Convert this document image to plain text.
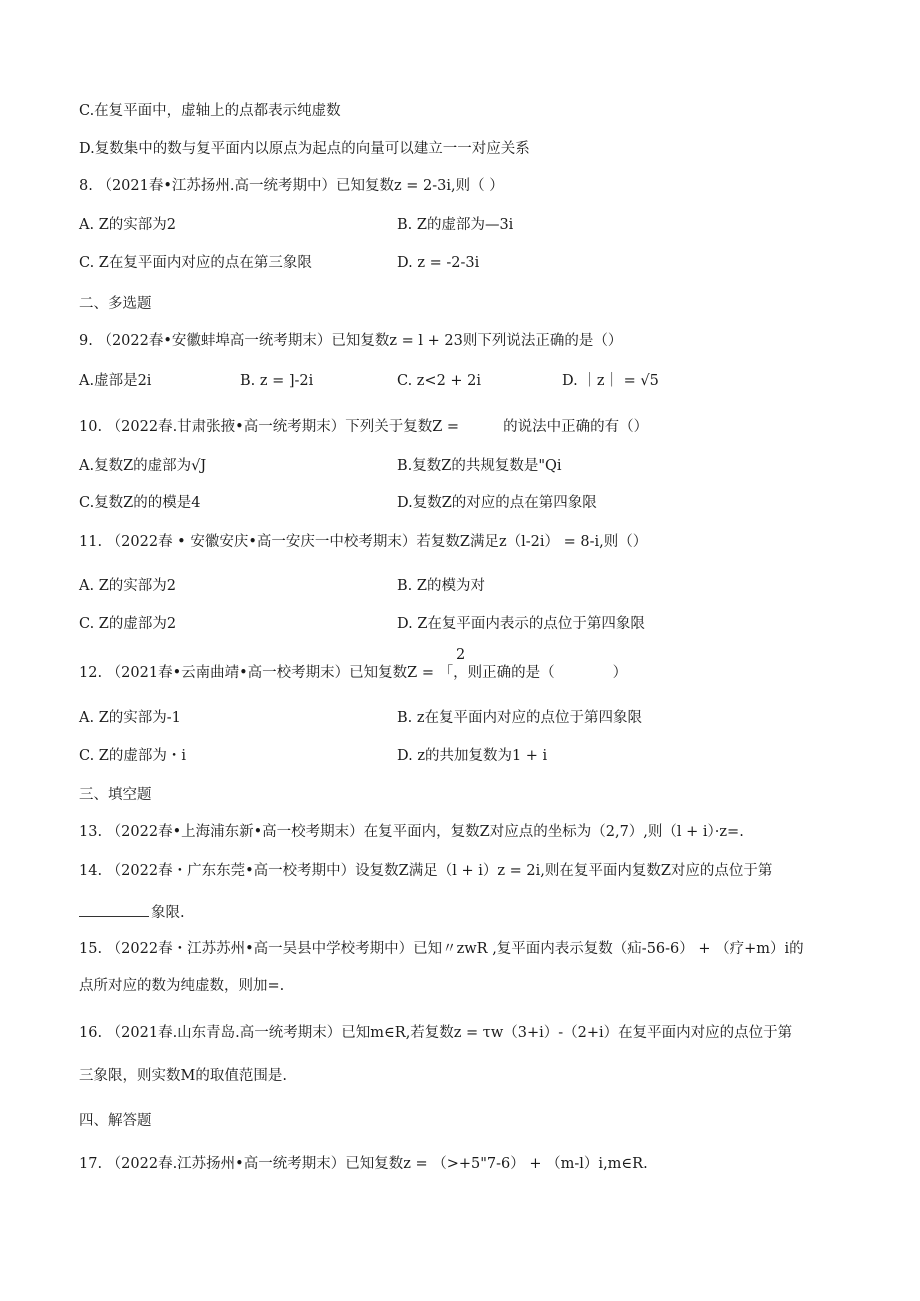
C.在复平面中，虚轴上的点都表示纯虚数
D.复数集中的数与复平面内以原点为起点的向量可以建立一一对应关系
8. （2021春•江苏扬州.高一统考期中）已知复数z = 2-3i,则（ ）
A. Z的实部为2	B. Z的虚部为—3i
C. Z在复平面内对应的点在第三象限	D. z = -2-3i
二、多选题
9. （2022春•安徽蚌埠高一统考期末）已知复数z = l + 23则下列说法正确的是（）
A.虚部是2i	B. z = ]-2i	C. z<2 + 2i	D. ｜z｜ = √5
10. （2022春.甘肃张掖•高一统考期末）下列关于复数Z =	的说法中正确的有（）
A.复数Z的虚部为√J	B.复数Z的共规复数是"Qi
C.复数Z的的模是4	D.复数Z的对应的点在第四象限
11. （2022春 • 安徽安庆•高一安庆一中校考期末）若复数Z满足z（l-2i） = 8-i,则（）
A. Z的实部为2	B. Z的模为对
C. Z的虚部为2	D. Z在复平面内表示的点位于第四象限
2
12. （2021春•云南曲靖•高一校考期末）已知复数Z = 「，则正确的是（	）
A. Z的实部为-1	B. z在复平面内对应的点位于第四象限
C. Z的虚部为・i	D. z的共加复数为1 + i
三、填空题
13. （2022春•上海浦东新•高一校考期末）在复平面内，复数Z对应点的坐标为（2,7）,则（l + i）·z=.
14. （2022春・广东东莞•高一校考期中）设复数Z满足（l + i）z = 2i,则在复平面内复数Z对应的点位于第
象限.
15. （2022春・江苏苏州•高一吴县中学校考期中）已知〃zwR ,复平面内表示复数（疝-56-6） + （疗+m）i的
点所对应的数为纯虚数，则加=.
16. （2021春.山东青岛.高一统考期末）已知m∈R,若复数z = τw（3+i）-（2+i）在复平面内对应的点位于第
三象限，则实数M的取值范围是.
四、解答题
17. （2022春.江苏扬州•高一统考期末）已知复数z = （>+5"7-6） + （m-l）i,m∈R.
